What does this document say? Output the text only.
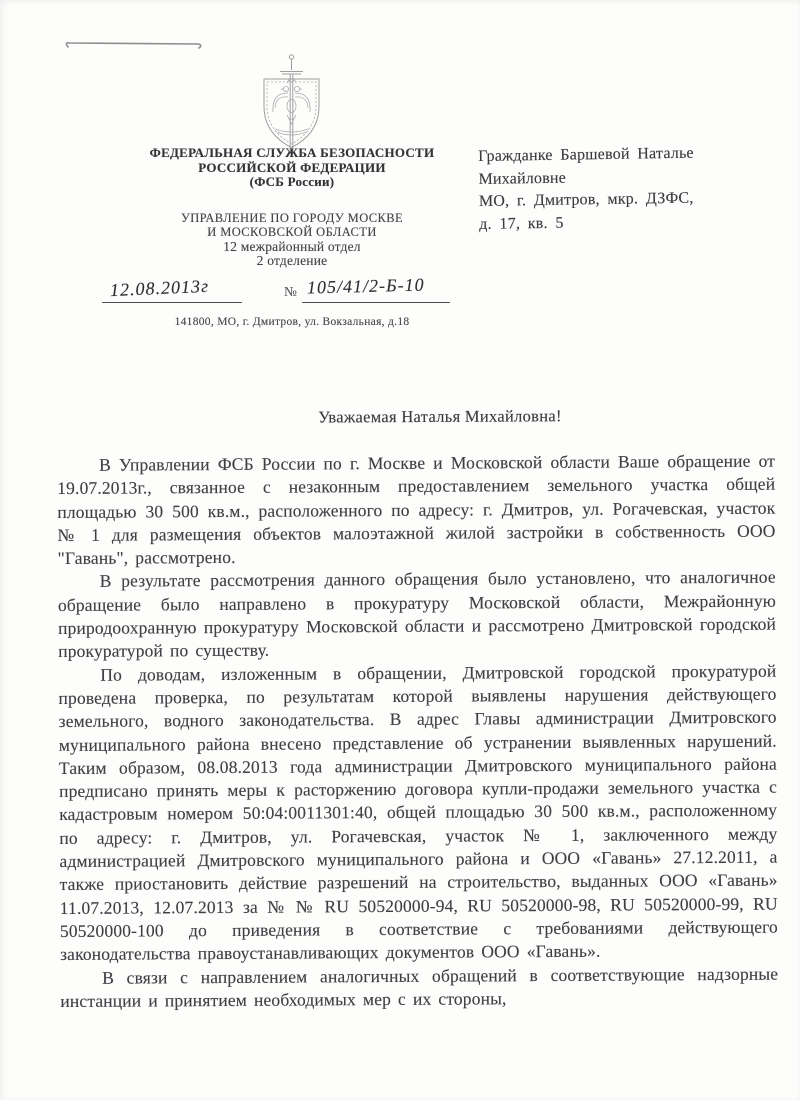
ФЕДЕРАЛЬНАЯ СЛУЖБА БЕЗОПАСНОСТИ
РОССИЙСКОЙ ФЕДЕРАЦИИ
(ФСБ России)
УПРАВЛЕНИЕ ПО ГОРОДУ МОСКВЕ
И МОСКОВСКОЙ ОБЛАСТИ
12 межрайонный отдел
2 отделение
12.08.2013г	№ 105/41/2-Б-10
141800, МО, г. Дмитров, ул. Вокзальная, д.18
Гражданке Баршевой Наталье
Михайловне
МО, г. Дмитров, мкр. ДЗФС,
д. 17, кв. 5
Уважаемая Наталья Михайловна!

В Управлении ФСБ России по г. Москве и Московской области Ваше обращение от 19.07.2013г., связанное с незаконным предоставлением земельного участка общей площадью 30 500 кв.м., расположенного по адресу: г. Дмитров, ул. Рогачевская, участок № 1 для размещения объектов малоэтажной жилой застройки в собственность ООО "Гавань", рассмотрено.

В результате рассмотрения данного обращения было установлено, что аналогичное обращение было направлено в прокуратуру Московской области, Межрайонную природоохранную прокуратуру Московской области и рассмотрено Дмитровской городской прокуратурой по существу.

По доводам, изложенным в обращении, Дмитровской городской прокуратурой проведена проверка, по результатам которой выявлены нарушения действующего земельного, водного законодательства. В адрес Главы администрации Дмитровского муниципального района внесено представление об устранении выявленных нарушений. Таким образом, 08.08.2013 года администрации Дмитровского муниципального района предписано принять меры к расторжению договора купли-продажи земельного участка с кадастровым номером 50:04:0011301:40, общей площадью 30 500 кв.м., расположенному по адресу: г. Дмитров, ул. Рогачевская, участок № 1, заключенного между администрацией Дмитровского муниципального района и ООО «Гавань» 27.12.2011, а также приостановить действие разрешений на строительство, выданных ООО «Гавань» 11.07.2013, 12.07.2013 за № № RU 50520000-94, RU 50520000-98, RU 50520000-99, RU 50520000-100 до приведения в соответствие с требованиями действующего законодательства правоустанавливающих документов ООО «Гавань».

В связи с направлением аналогичных обращений в соответствующие надзорные инстанции и принятием необходимых мер с их стороны,
